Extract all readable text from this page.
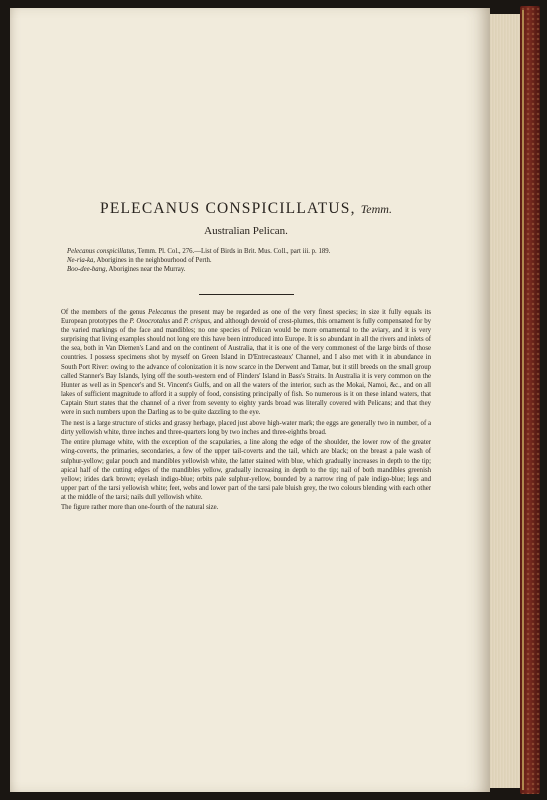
PELECANUS CONSPICILLATUS, Temm.
Australian Pelican.
Pelecanus conspicillatus, Temm. Pl. Col., 276.—List of Birds in Brit. Mus. Coll., part iii. p. 189.
Ne-ria-ka, Aborigines in the neighbourhood of Perth.
Boo-dee-bang, Aborigines near the Murray.

Of the members of the genus Pelecanus the present may be regarded as one of the very finest species; in size it fully equals its European prototypes the P. Onocrotalus and P. crispus, and although devoid of crest-plumes, this ornament is fully compensated for by the varied markings of the face and mandibles; no one species of Pelican would be more ornamental to the aviary, and it is very surprising that living examples should not long ere this have been introduced into Europe. It is so abundant in all the rivers and inlets of the sea, both in Van Diemen's Land and on the continent of Australia, that it is one of the very commonest of the large birds of those countries. I possess specimens shot by myself on Green Island in D'Entrecasteaux' Channel, and I also met with it in abundance in South Port River: owing to the advance of colonization it is now scarce in the Derwent and Tamar, but it still breeds on the small group called Stanner's Bay Islands, lying off the south-western end of Flinders' Island in Bass's Straits. In Australia it is very common on the Hunter as well as in Spencer's and St. Vincent's Gulfs, and on all the waters of the interior, such as the Mokai, Namoi, &c., and on all lakes of sufficient magnitude to afford it a supply of food, consisting principally of fish. So numerous is it on these inland waters, that Captain Sturt states that the channel of a river from seventy to eighty yards broad was literally covered with Pelicans; and that they were in such numbers upon the Darling as to be quite dazzling to the eye.

The nest is a large structure of sticks and grassy herbage, placed just above high-water mark; the eggs are generally two in number, of a dirty yellowish white, three inches and three-quarters long by two inches and three-eighths broad.

The entire plumage white, with the exception of the scapularies, a line along the edge of the shoulder, the lower row of the greater wing-coverts, the primaries, secondaries, a few of the upper tail-coverts and the tail, which are black; on the breast a pale wash of sulphur-yellow; gular pouch and mandibles yellowish white, the latter stained with blue, which gradually increases in depth to the tip; apical half of the cutting edges of the mandibles yellow, gradually increasing in depth to the tip; nail of both mandibles greenish yellow; irides dark brown; eyelash indigo-blue; orbits pale sulphur-yellow, bounded by a narrow ring of pale indigo-blue; legs and upper part of the tarsi yellowish white; feet, webs and lower part of the tarsi pale bluish grey, the two colours blending with each other at the middle of the tarsi; nails dull yellowish white.

The figure rather more than one-fourth of the natural size.
